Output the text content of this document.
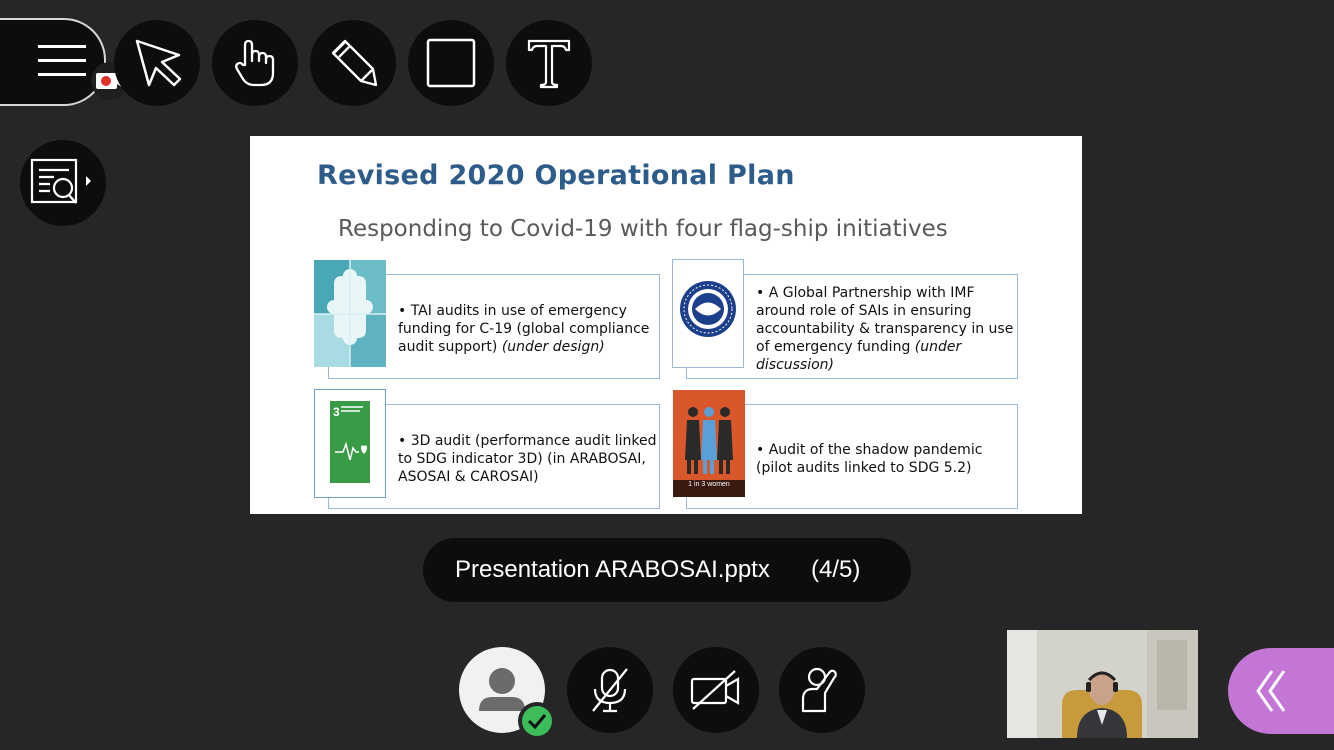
Revised 2020 Operational Plan
Responding to Covid-19 with four flag-ship initiatives
• TAI audits in use of emergency
funding for C-19 (global compliance
audit support) (under design)
• A Global Partnership with IMF
around role of SAIs in ensuring
accountability & transparency in use
of emergency funding (under
discussion)
3
• 3D audit (performance audit linked
to SDG indicator 3D) (in ARABOSAI,
ASOSAI & CAROSAI)	1 in 3 women
• Audit of the shadow pandemic
(pilot audits linked to SDG 5.2)
Presentation ARABOSAI.pptx (4/5)
